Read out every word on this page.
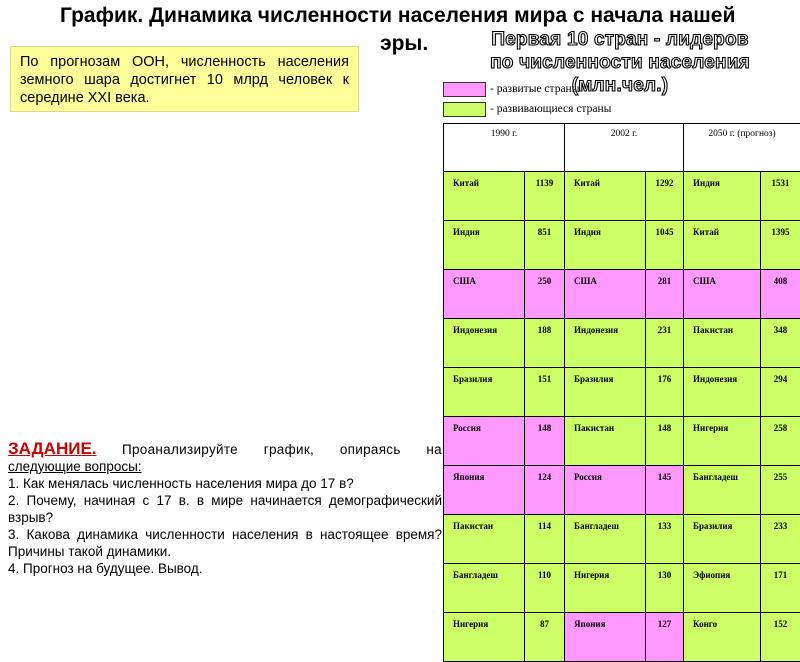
График. Динамика численности населения мира с начала нашей
эры.
По прогнозам ООН, численность населения земного шара достигнет 10 млрд человек к середине XXI века.
Первая 10 стран - лидеров
по численности населения (млн.чел.)
- развитые страны
- развивающиеся страны
1990 г.		2002 г.		2050 г. (прогноз)	
Китай	1139	Китай	1292	Индия	1531
Индия	851	Индия	1045	Китай	1395
США	250	США	281	США	408
Индонезия	188	Индонезия	231	Пакистан	348
Бразилия	151	Бразилия	176	Индонезия	294
Россия	148	Пакистан	148	Нигерия	258
Япония	124	Россия	145	Бангладеш	255
Пакистан	114	Бангладеш	133	Бразилия	233
Бангладеш	110	Нигерия	130	Эфиопия	171
Нигерия	87	Япония	127	Конго	152
ЗАДАНИЕ. Проанализируйте график, опираясь на
следующие вопросы:
1. Как менялась численность населения мира до 17 в?
2. Почему, начиная с 17 в. в мире начинается демографический взрыв?
3. Какова динамика численности населения в настоящее время? Причины такой динамики.
4. Прогноз на будущее. Вывод.
